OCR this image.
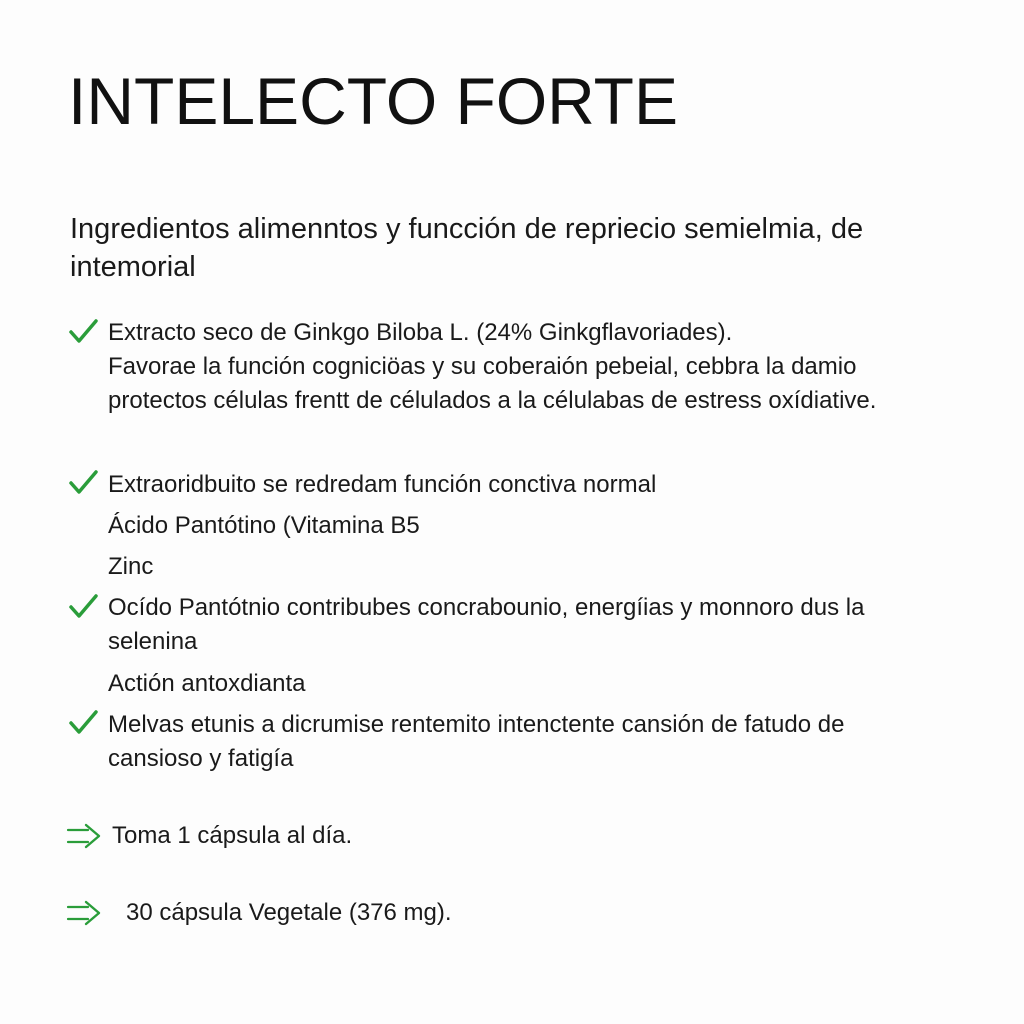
INTELECTO FORTE

Ingredientos alimenntos y funcción de repriecio semielmia, de intemorial

Extracto seco de Ginkgo Biloba L. (24% Ginkgflavoriades).
Favorae la función cogniciöas y su coberaión pebeial, cebbra la damio
protectos células frentt de célulados a la célulabas de estress oxídiative.
Extraoridbuito se redredam función conctiva normal
Ácido Pantótino (Vitamina B5
Zinc
Ocído Pantótnio contribubes concrabounio, energíias y monnoro dus la
selenina
Actión antoxdianta
Melvas etunis a dicrumise rentemito intenctente cansión de fatudo de
cansioso y fatigía
Toma 1 cápsula al día.
30 cápsula Vegetale (376 mg).
